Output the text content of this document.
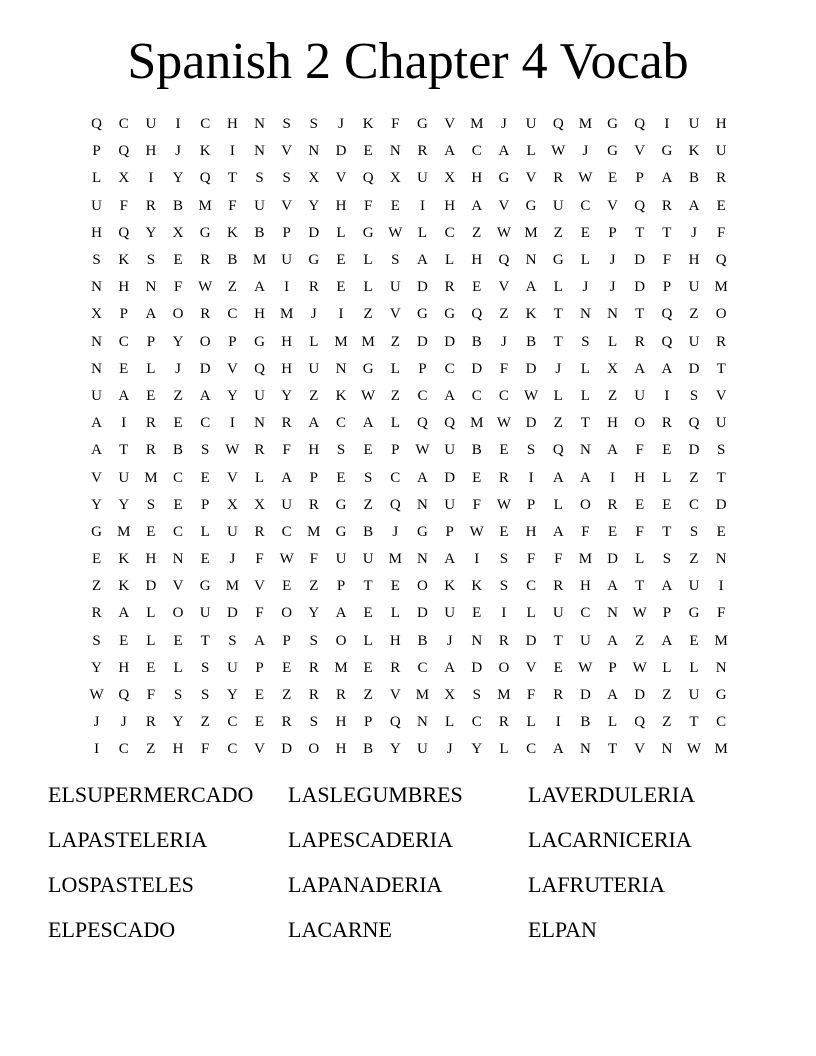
Spanish 2 Chapter 4 Vocab
Q	C	U	I	C	H	N	S	S	J	K	F	G	V	M	J	U	Q	M	G	Q	I	U	H
P	Q	H	J	K	I	N	V	N	D	E	N	R	A	C	A	L	W	J	G	V	G	K	U
L	X	I	Y	Q	T	S	S	X	V	Q	X	U	X	H	G	V	R	W	E	P	A	B	R
U	F	R	B	M	F	U	V	Y	H	F	E	I	H	A	V	G	U	C	V	Q	R	A	E
H	Q	Y	X	G	K	B	P	D	L	G W	L	C	Z	W M	Z	E	P	T	T	J	F
S	K	S	E	R	B	M	U	G	E	L	S	A	L	H	Q	N	G	L	J	D	F	H	Q
N	H	N	F	W	Z	A	I	R	E	L	U	D	R	E	V	A	L	J	J	D	P	U	M
X	P	A	O	R	C	H	M	J	I	Z	V	G	G	Q	Z	K	T	N	N	T	Q	Z	O
N	C	P	Y	O	P	G	H	L	M M	Z	D	D	B	J	B	T	S	L	R	Q	U	R
N	E	L	J	D	V	Q	H	U	N	G	L	P	C	D	F	D	J	L	X	A	A	D	T
U	A	E	Z	A	Y	U	Y	Z	K W	Z	C	A	C	C	W	L	L	Z	U	I	S	V
A	I	R	E	C	I	N	R	A	C	A	L	Q	Q	M W D	Z	T	H	O	R	Q	U
A	T	R	B	S	W	R	F	H	S	E	P	W U	B	E	S	Q	N	A	F	E	D	S
V	U	M	C	E	V	L	A	P	E	S	C	A	D	E	R	I	A	A	I	H	L	Z	T
Y	Y	S	E	P	X	X	U	R	G	Z	Q	N	U	F	W	P	L	O	R	E	E	C	D
G	M	E	C	L	U	R	C	M	G	B	J	G	P	W	E	H	A	F	E	F	T	S	E
E	K	H	N	E	J	F	W	F	U	U	M	N	A	I	S	F	F	M	D	L	S	Z	N
Z	K	D	V	G	M	V	E	Z	P	T	E	O	K	K	S	C	R	H	A	T	A	U	I
R	A	L	O	U	D	F	O	Y	A	E	L	D	U	E	I	L	U	C	N W	P	G	F
S	E	L	E	T	S	A	P	S	O	L	H	B	J	N	R	D	T	U	A	Z	A	E	M
Y	H	E	L	S	U	P	E	R	M	E	R	C	A	D	O	V	E	W	P	W	L	L	N
W Q	F	S	S	Y	E	Z	R	R	Z	V	M	X	S	M	F	R	D	A	D	Z	U	G
J	J	R	Y	Z	C	E	R	S	H	P	Q	N	L	C	R	L	I	B	L	Q	Z	T	C
I	C	Z	H	F	C	V	D	O	H	B	Y	U	J	Y	L	C	A	N	T	V	N W M
ELSUPERMERCADO	LASLEGUMBRES	LAVERDULERIA
LAPASTELERIA	LAPESCADERIA	LACARNICERIA
LOSPASTELES	LAPANADERIA	LAFRUTERIA
ELPESCADO	LACARNE	ELPAN
